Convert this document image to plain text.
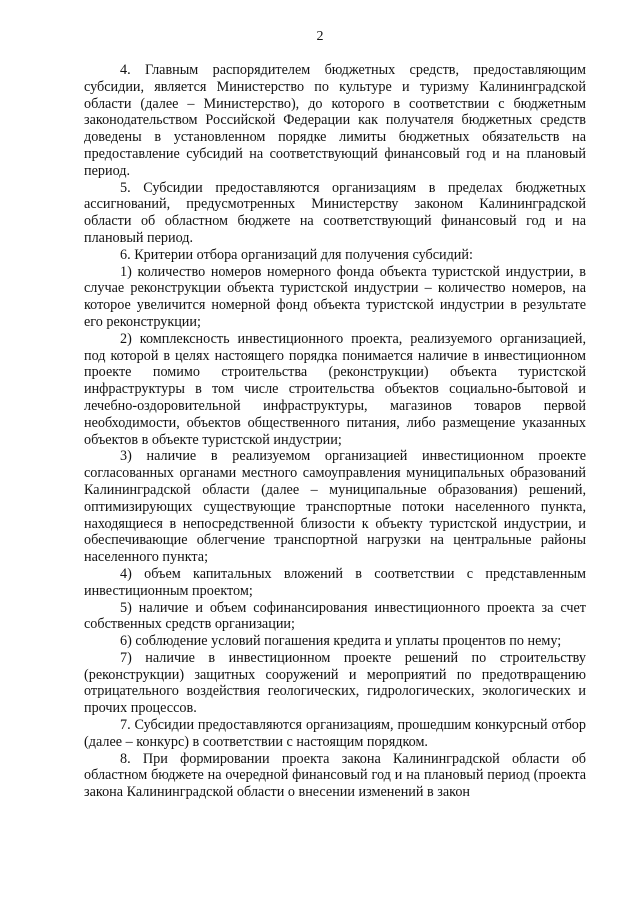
2

4. Главным распорядителем бюджетных средств, предоставляющим субсидии, является Министерство по культуре и туризму Калининградской области (далее – Министерство), до которого в соответствии с бюджетным законодательством Российской Федерации как получателя бюджетных средств доведены в установленном порядке лимиты бюджетных обязательств на предоставление субсидий на соответствующий финансовый год и на плановый период.

5. Субсидии предоставляются организациям в пределах бюджетных ассигнований, предусмотренных Министерству законом Калининградской области об областном бюджете на соответствующий финансовый год и на плановый период.

6. Критерии отбора организаций для получения субсидий:

1) количество номеров номерного фонда объекта туристской индустрии, в случае реконструкции объекта туристской индустрии – количество номеров, на которое увеличится номерной фонд объекта туристской индустрии в результате его реконструкции;

2) комплексность инвестиционного проекта, реализуемого организацией, под которой в целях настоящего порядка понимается наличие в инвестиционном проекте помимо строительства (реконструкции) объекта туристской инфраструктуры в том числе строительства объектов социально-бытовой и лечебно-оздоровительной инфраструктуры, магазинов товаров первой необходимости, объектов общественного питания, либо размещение указанных объектов в объекте туристской индустрии;

3) наличие в реализуемом организацией инвестиционном проекте согласованных органами местного самоуправления муниципальных образований Калининградской области (далее – муниципальные образования) решений, оптимизирующих существующие транспортные потоки населенного пункта, находящиеся в непосредственной близости к объекту туристской индустрии, и обеспечивающие облегчение транспортной нагрузки на центральные районы населенного пункта;

4) объем капитальных вложений в соответствии с представленным инвестиционным проектом;

5) наличие и объем софинансирования инвестиционного проекта за счет собственных средств организации;

6) соблюдение условий погашения кредита и уплаты процентов по нему;

7) наличие в инвестиционном проекте решений по строительству (реконструкции) защитных сооружений и мероприятий по предотвращению отрицательного воздействия геологических, гидрологических, экологических и прочих процессов.

7. Субсидии предоставляются организациям, прошедшим конкурсный отбор (далее – конкурс) в соответствии с настоящим порядком.

8. При формировании проекта закона Калининградской области об областном бюджете на очередной финансовый год и на плановый период (проекта закона Калининградской области о внесении изменений в закон
